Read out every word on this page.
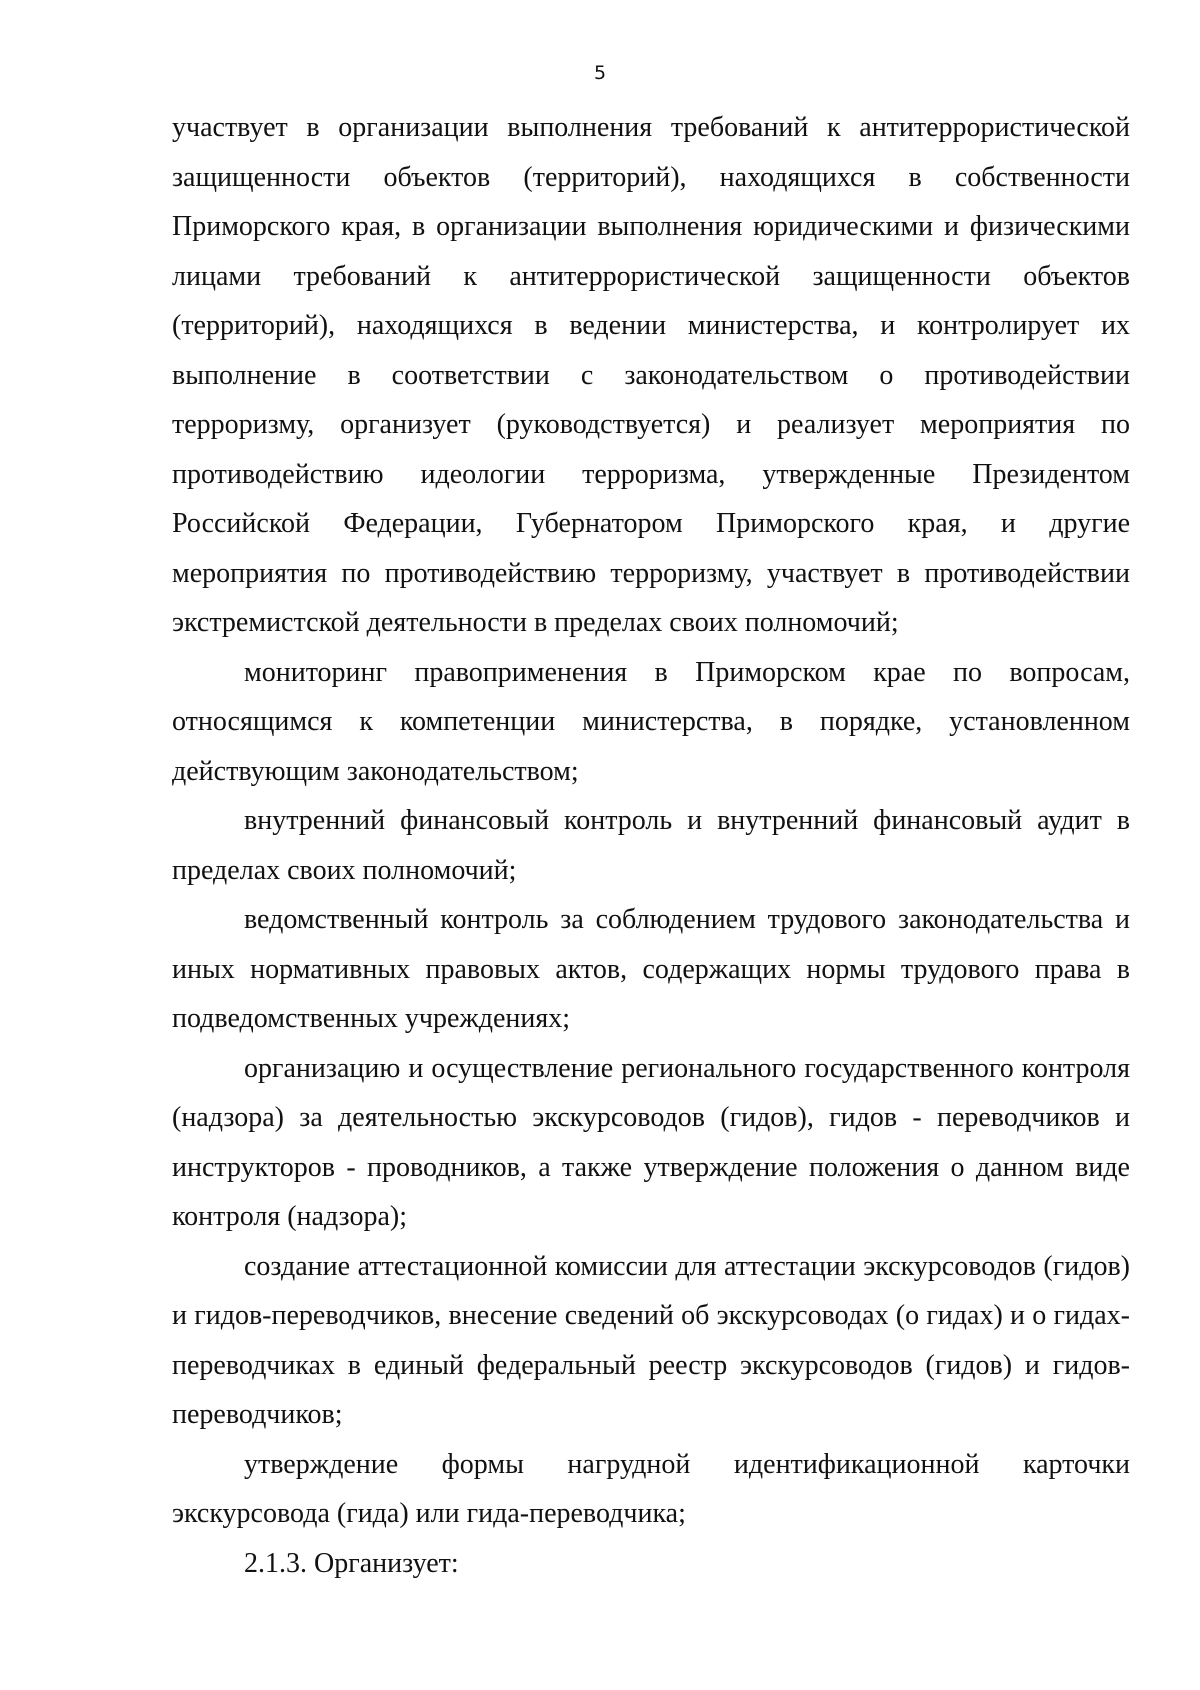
5

участвует в организации выполнения требований к антитеррористической защищенности объектов (территорий), находящихся в собственности Приморского края, в организации выполнения юридическими и физическими лицами требований к антитеррористической защищенности объектов (территорий), находящихся в ведении министерства, и контролирует их выполнение в соответствии с законодательством о противодействии терроризму, организует (руководствуется) и реализует мероприятия по противодействию идеологии терроризма, утвержденные Президентом Российской Федерации, Губернатором Приморского края, и другие мероприятия по противодействию терроризму, участвует в противодействии экстремистской деятельности в пределах своих полномочий;

мониторинг правоприменения в Приморском крае по вопросам, относящимся к компетенции министерства, в порядке, установленном действующим законодательством;

внутренний финансовый контроль и внутренний финансовый аудит в пределах своих полномочий;

ведомственный контроль за соблюдением трудового законодательства и иных нормативных правовых актов, содержащих нормы трудового права в подведомственных учреждениях;

организацию и осуществление регионального государственного контроля (надзора) за деятельностью экскурсоводов (гидов), гидов - переводчиков и инструкторов - проводников, а также утверждение положения о данном виде контроля (надзора);

создание аттестационной комиссии для аттестации экскурсоводов (гидов) и гидов-переводчиков, внесение сведений об экскурсоводах (о гидах) и о гидах-переводчиках в единый федеральный реестр экскурсоводов (гидов) и гидов-переводчиков;

утверждение формы нагрудной идентификационной карточки экскурсовода (гида) или гида-переводчика;

2.1.3. Организует:
